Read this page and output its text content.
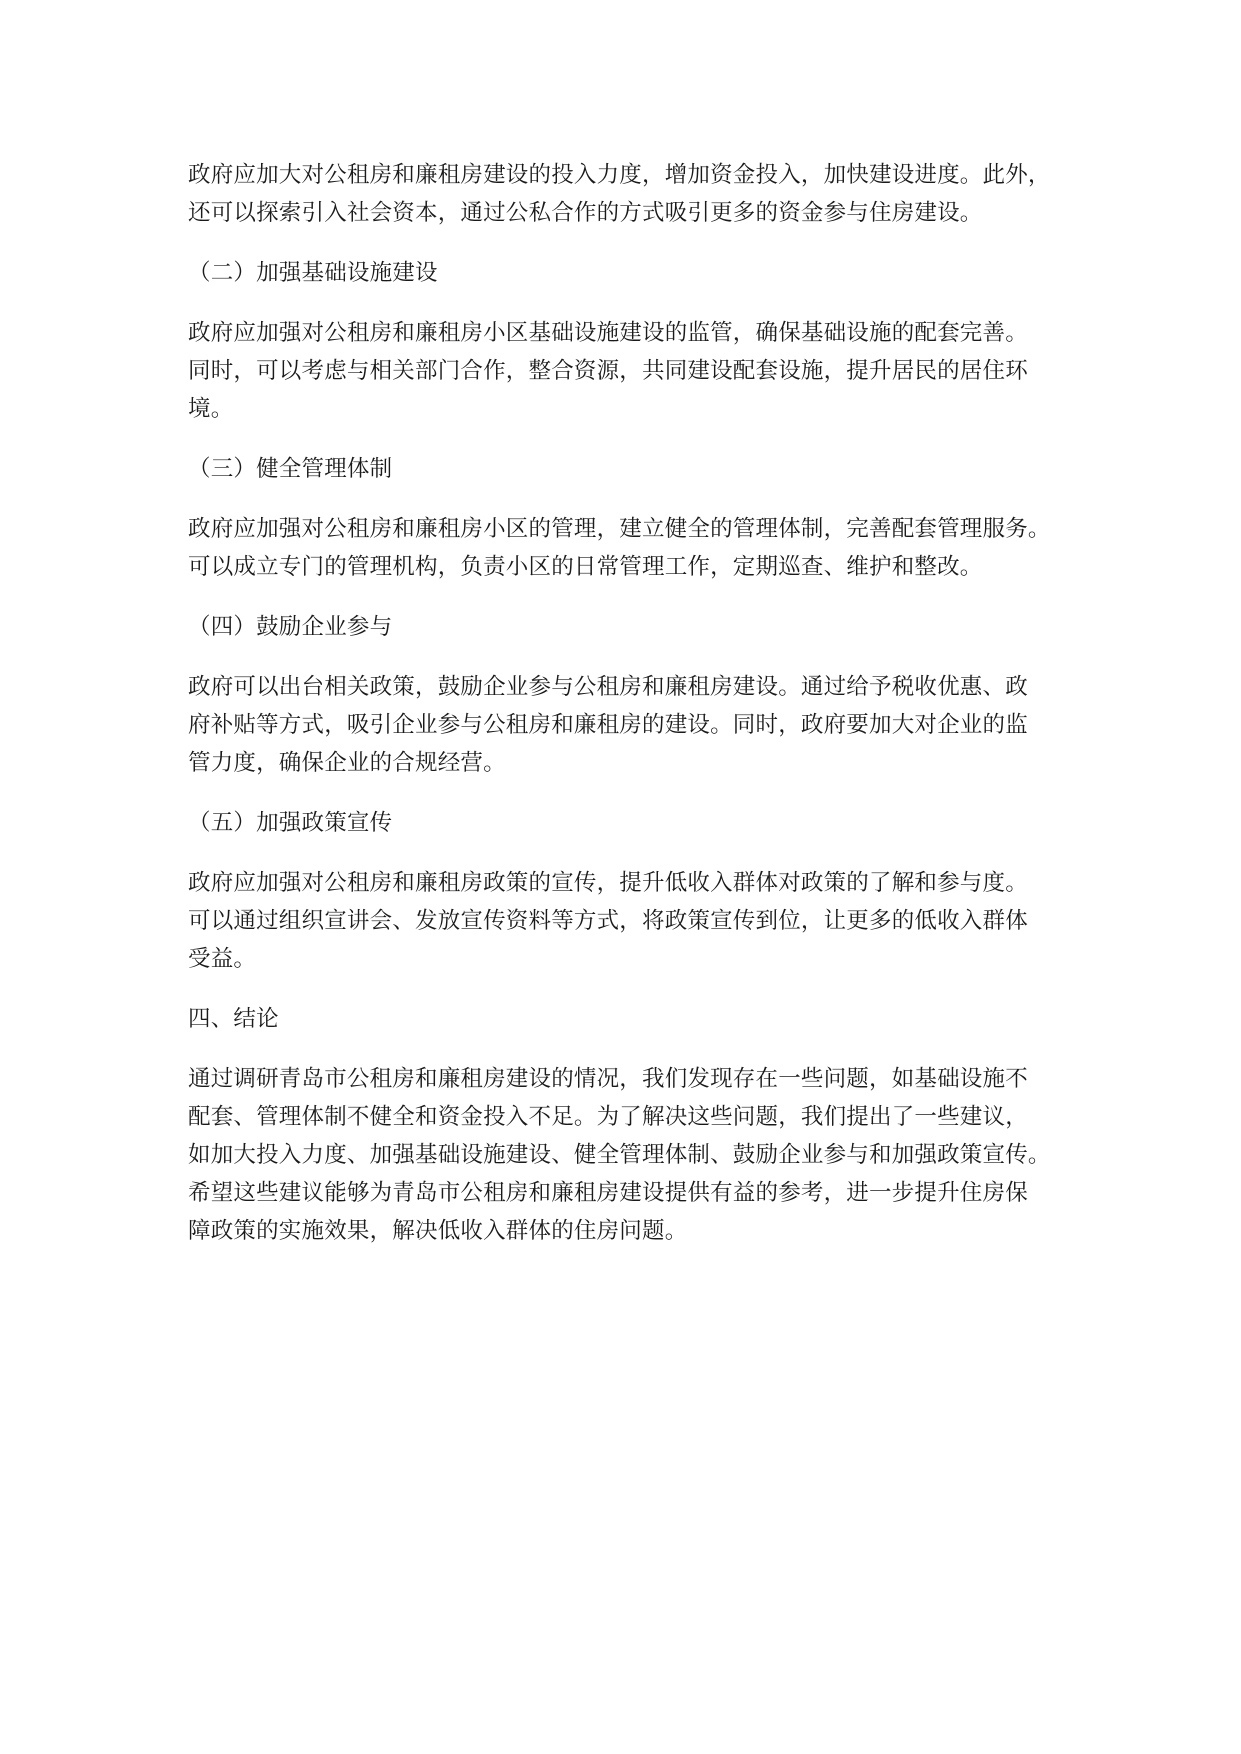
政府应加大对公租房和廉租房建设的投入力度，增加资金投入，加快建设进度。此外，
还可以探索引入社会资本，通过公私合作的方式吸引更多的资金参与住房建设。
（二）加强基础设施建设
政府应加强对公租房和廉租房小区基础设施建设的监管，确保基础设施的配套完善。
同时，可以考虑与相关部门合作，整合资源，共同建设配套设施，提升居民的居住环
境。
（三）健全管理体制
政府应加强对公租房和廉租房小区的管理，建立健全的管理体制，完善配套管理服务。
可以成立专门的管理机构，负责小区的日常管理工作，定期巡查、维护和整改。
（四）鼓励企业参与
政府可以出台相关政策，鼓励企业参与公租房和廉租房建设。通过给予税收优惠、政
府补贴等方式，吸引企业参与公租房和廉租房的建设。同时，政府要加大对企业的监
管力度，确保企业的合规经营。
（五）加强政策宣传
政府应加强对公租房和廉租房政策的宣传，提升低收入群体对政策的了解和参与度。
可以通过组织宣讲会、发放宣传资料等方式，将政策宣传到位，让更多的低收入群体
受益。
四、结论
通过调研青岛市公租房和廉租房建设的情况，我们发现存在一些问题，如基础设施不
配套、管理体制不健全和资金投入不足。为了解决这些问题，我们提出了一些建议，
如加大投入力度、加强基础设施建设、健全管理体制、鼓励企业参与和加强政策宣传。
希望这些建议能够为青岛市公租房和廉租房建设提供有益的参考，进一步提升住房保
障政策的实施效果，解决低收入群体的住房问题。
